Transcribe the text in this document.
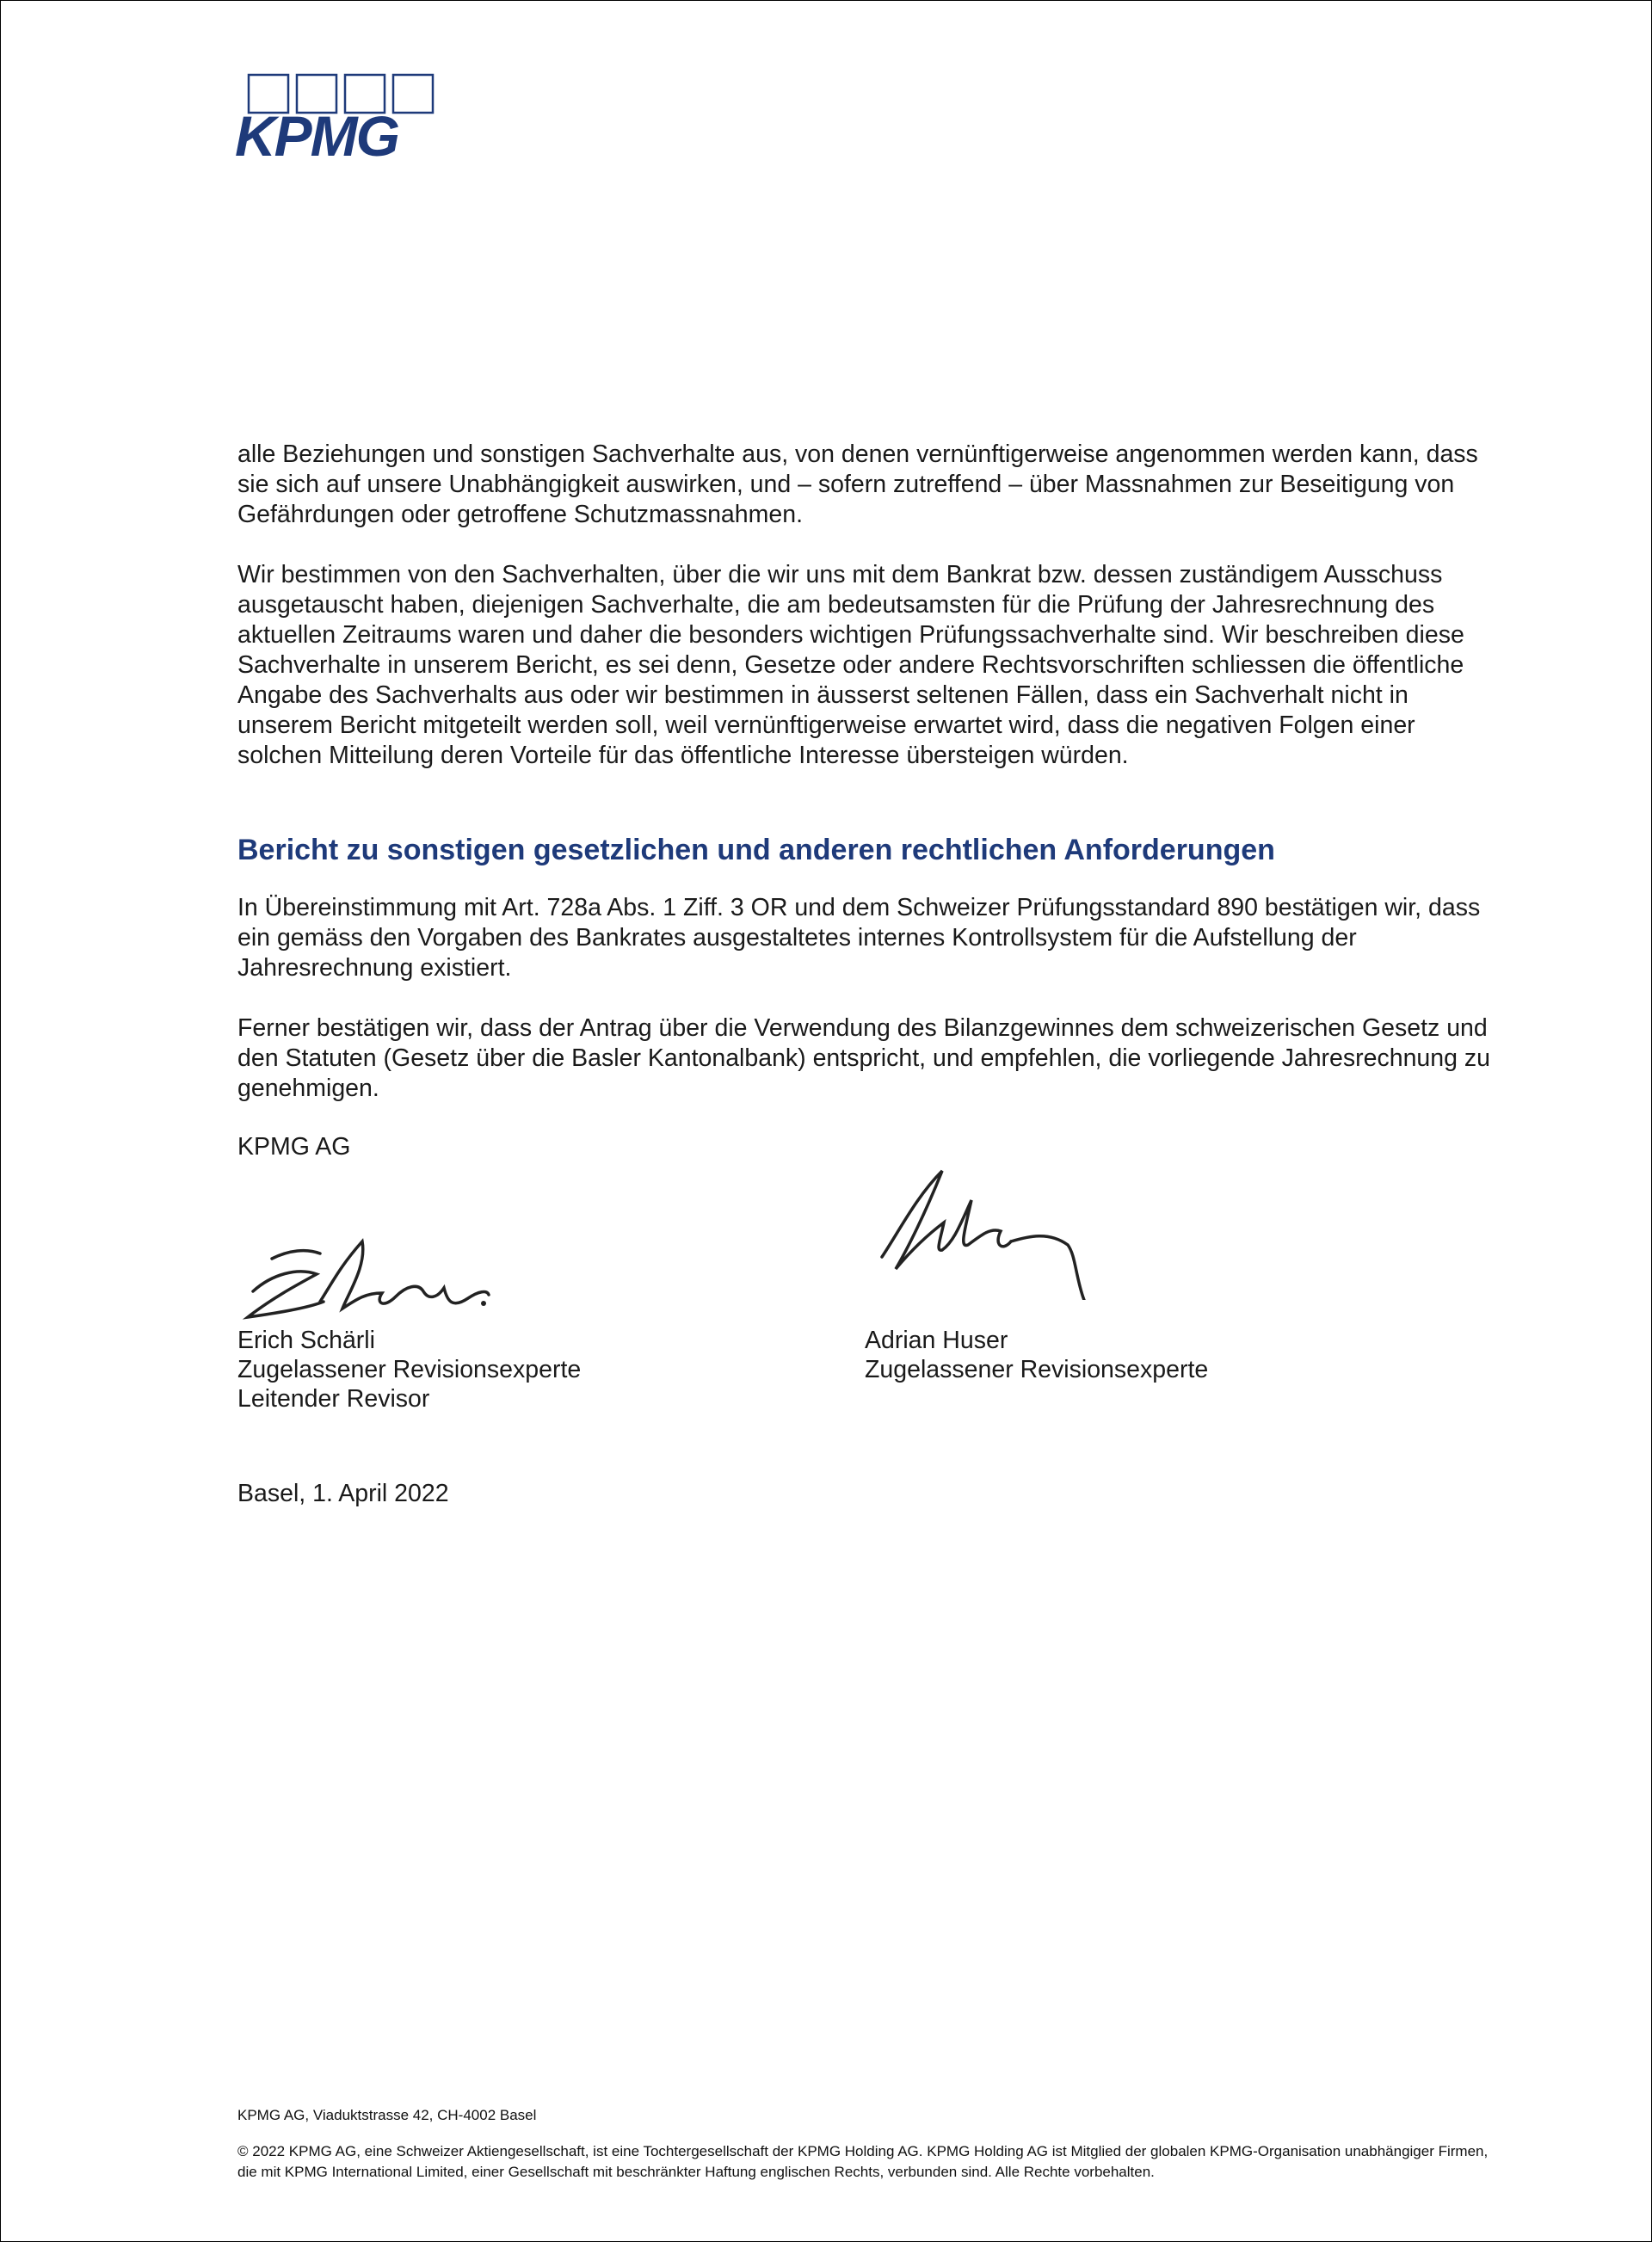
KPMG

alle Beziehungen und sonstigen Sachverhalte aus, von denen vernünftigerweise angenommen werden kann, dass sie sich auf unsere Unabhängigkeit auswirken, und – sofern zutreffend – über Massnahmen zur Beseitigung von Gefährdungen oder getroffene Schutzmassnahmen.

Wir bestimmen von den Sachverhalten, über die wir uns mit dem Bankrat bzw. dessen zuständigem Ausschuss ausgetauscht haben, diejenigen Sachverhalte, die am bedeutsamsten für die Prüfung der Jahresrechnung des aktuellen Zeitraums waren und daher die besonders wichtigen Prüfungssachverhalte sind. Wir beschreiben diese Sachverhalte in unserem Bericht, es sei denn, Gesetze oder andere Rechtsvorschriften schliessen die öffentliche Angabe des Sachverhalts aus oder wir bestimmen in äusserst seltenen Fällen, dass ein Sachverhalt nicht in unserem Bericht mitgeteilt werden soll, weil vernünftigerweise erwartet wird, dass die negativen Folgen einer solchen Mitteilung deren Vorteile für das öffentliche Interesse übersteigen würden.

Bericht zu sonstigen gesetzlichen und anderen rechtlichen Anforderungen

In Übereinstimmung mit Art. 728a Abs. 1 Ziff. 3 OR und dem Schweizer Prüfungsstandard 890 bestätigen wir, dass ein gemäss den Vorgaben des Bankrates ausgestaltetes internes Kontrollsystem für die Aufstellung der Jahresrechnung existiert.

Ferner bestätigen wir, dass der Antrag über die Verwendung des Bilanzgewinnes dem schweizerischen Gesetz und den Statuten (Gesetz über die Basler Kantonalbank) entspricht, und empfehlen, die vorliegende Jahresrechnung zu genehmigen.

KPMG AG

Erich Schärli
Zugelassener Revisionsexperte
Leitender Revisor
Adrian Huser
Zugelassener Revisionsexperte
Basel, 1. April 2022
KPMG AG, Viaduktstrasse 42, CH-4002 Basel
© 2022 KPMG AG, eine Schweizer Aktiengesellschaft, ist eine Tochtergesellschaft der KPMG Holding AG. KPMG Holding AG ist Mitglied der globalen KPMG-Organisation unabhängiger Firmen, die mit KPMG International Limited, einer Gesellschaft mit beschränkter Haftung englischen Rechts, verbunden sind. Alle Rechte vorbehalten.
